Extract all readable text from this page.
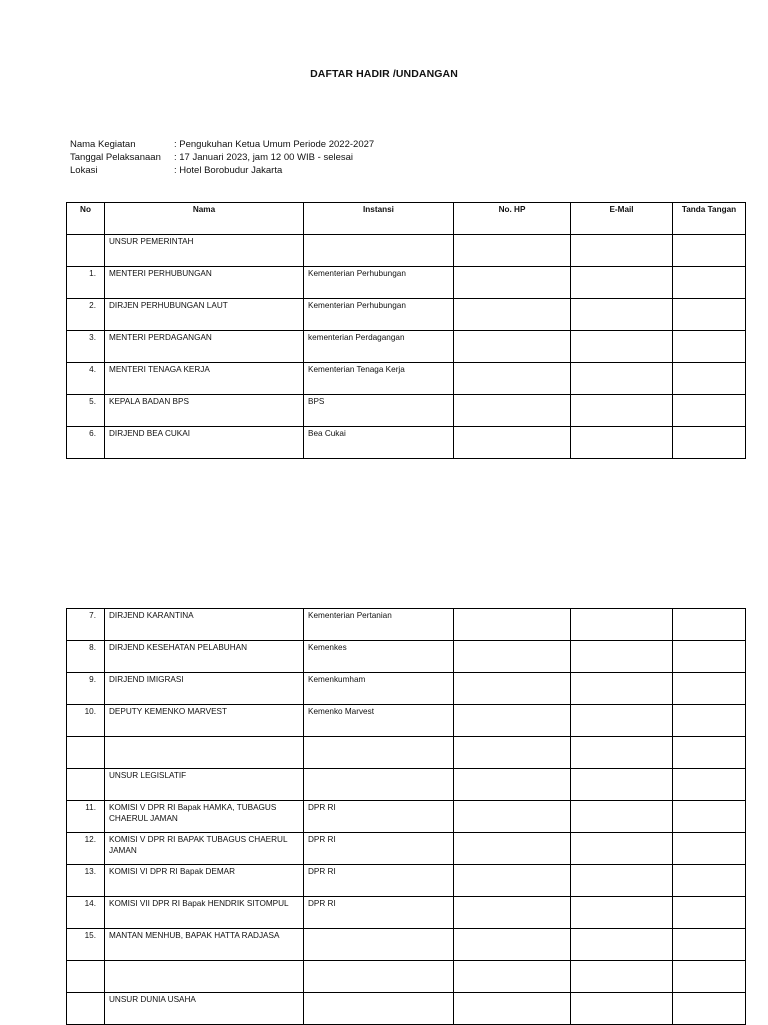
DAFTAR HADIR /UNDANGAN
Nama Kegiatan	: Pengukuhan Ketua Umum Periode 2022-2027
Tanggal Pelaksanaan	: 17 Januari 2023, jam 12 00 WIB - selesai
Lokasi	: Hotel Borobudur Jakarta
No	Nama	Instansi	No. HP	E-Mail	Tanda Tangan
	UNSUR PEMERINTAH				
1.	MENTERI PERHUBUNGAN	Kementerian Perhubungan			
2.	DIRJEN PERHUBUNGAN LAUT	Kementerian Perhubungan			
3.	MENTERI PERDAGANGAN	kementerian Perdagangan			
4.	MENTERI TENAGA KERJA	Kementerian Tenaga Kerja			
5.	KEPALA BADAN BPS	BPS			
6.	DIRJEND BEA CUKAI	Bea Cukai			
7.	DIRJEND KARANTINA	Kementerian Pertanian			
8.	DIRJEND KESEHATAN PELABUHAN	Kemenkes			
9.	DIRJEND IMIGRASI	Kemenkumham			
10.	DEPUTY KEMENKO MARVEST	Kemenko Marvest			

	UNSUR LEGISLATIF				
11.	KOMISI V DPR RI Bapak HAMKA, TUBAGUS CHAERUL JAMAN	DPR RI			
12.	KOMISI V DPR RI BAPAK TUBAGUS CHAERUL JAMAN	DPR RI			
13.	KOMISI VI DPR RI Bapak DEMAR	DPR RI			
14.	KOMISI VII DPR RI Bapak HENDRIK SITOMPUL	DPR RI			
15.	MANTAN MENHUB, BAPAK HATTA RADJASA				

	UNSUR DUNIA USAHA				
